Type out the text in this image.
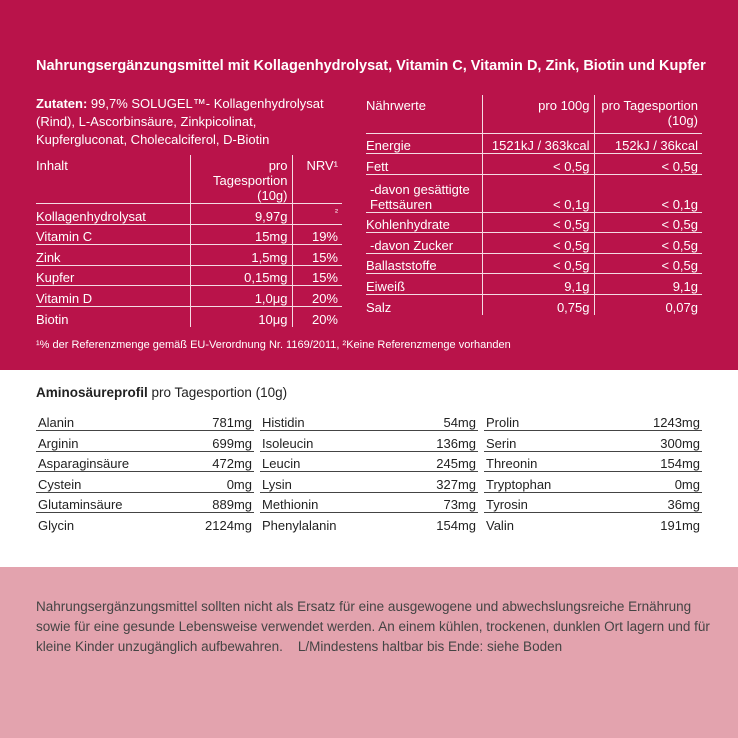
Nahrungsergänzungsmittel mit Kollagenhydrolysat, Vitamin C, Vitamin D, Zink, Biotin und Kupfer
Zutaten: 99,7% SOLUGEL™- Kollagenhydrolysat (Rind), L-Ascorbinsäure, Zinkpicolinat, Kupfergluconat, Cholecalciferol, D-Biotin
Inhalt	pro Tagesportion (10g)	NRV¹
Kollagenhydrolysat	9,97g	²
Vitamin C	15mg	19%
Zink	1,5mg	15%
Kupfer	0,15mg	15%
Vitamin D	1,0μg	20%
Biotin	10μg	20%
Nährwerte	pro 100g	pro Tagesportion (10g)
Energie	1521kJ / 363kcal	152kJ / 36kcal
Fett	< 0,5g	< 0,5g
-davon gesättigte Fettsäuren	< 0,1g	< 0,1g
Kohlenhydrate	< 0,5g	< 0,5g
-davon Zucker	< 0,5g	< 0,5g
Ballaststoffe	< 0,5g	< 0,5g
Eiweiß	9,1g	9,1g
Salz	0,75g	0,07g
¹% der Referenzmenge gemäß EU-Verordnung Nr. 1169/2011, ²Keine Referenzmenge vorhanden
Aminosäureprofil pro Tagesportion (10g)
Alanin	781mg
Arginin	699mg
Asparaginsäure	472mg
Cystein	0mg
Glutaminsäure	889mg
Glycin	2124mg
Histidin	54mg
Isoleucin	136mg
Leucin	245mg
Lysin	327mg
Methionin	73mg
Phenylalanin	154mg
Prolin	1243mg
Serin	300mg
Threonin	154mg
Tryptophan	0mg
Tyrosin	36mg
Valin	191mg
Nahrungsergänzungsmittel sollten nicht als Ersatz für eine ausgewogene und abwechslungsreiche Ernährung sowie für eine gesunde Lebensweise verwendet werden. An einem kühlen, trockenen, dunklen Ort lagern und für kleine Kinder unzugänglich aufbewahren.    L/Mindestens haltbar bis Ende: siehe Boden
